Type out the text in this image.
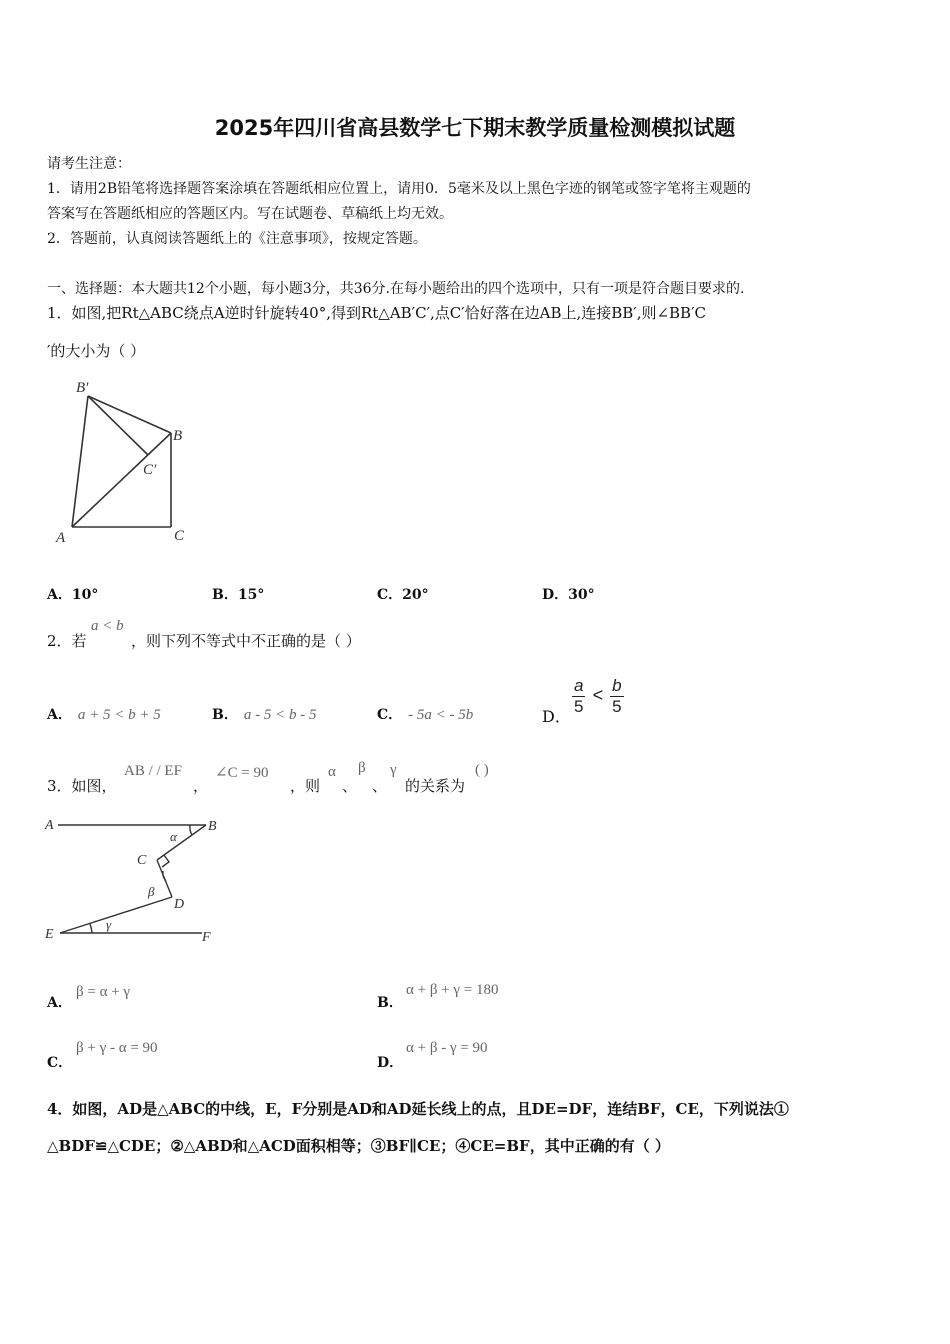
2025年四川省高县数学七下期末教学质量检测模拟试题
请考生注意：
1．请用2B铅笔将选择题答案涂填在答题纸相应位置上，请用0．5毫米及以上黑色字迹的钢笔或签字笔将主观题的
答案写在答题纸相应的答题区内。写在试题卷、草稿纸上均无效。
2．答题前，认真阅读答题纸上的《注意事项》，按规定答题。
一、选择题：本大题共12个小题，每小题3分，共36分.在每小题给出的四个选项中，只有一项是符合题目要求的.
1．如图,把Rt△ABC绕点A逆时针旋转40°,得到Rt△AB′C′,点C′恰好落在边AB上,连接BB′,则∠BB′C
′的大小为（ ）
B′
B
C′
A	C
A．10°	B．15°	C．20°	D．30°
2．若
a < b
，则下列不等式中不正确的是（ ）
A． a + 5 < b + 5	B． a - 5 < b - 5	C． - 5a < - 5b	D． $\frac{a}{5} < \frac{b}{5}$
3．如图，
AB / / EF
，
∠C = 90
，则
α
、
β
、
γ
的关系为
( )
A	B
C
D
E	F
α
β
γ
A．
β = α + γ
B．
α + β + γ = 180
C．
β + γ - α = 90
D．
α + β - γ = 90
4．如图，AD是△ABC的中线，E，F分别是AD和AD延长线上的点，且DE=DF，连结BF，CE，下列说法①
△BDF≌△CDE；②△ABD和△ACD面积相等；③BF∥CE；④CE=BF，其中正确的有（ ）
